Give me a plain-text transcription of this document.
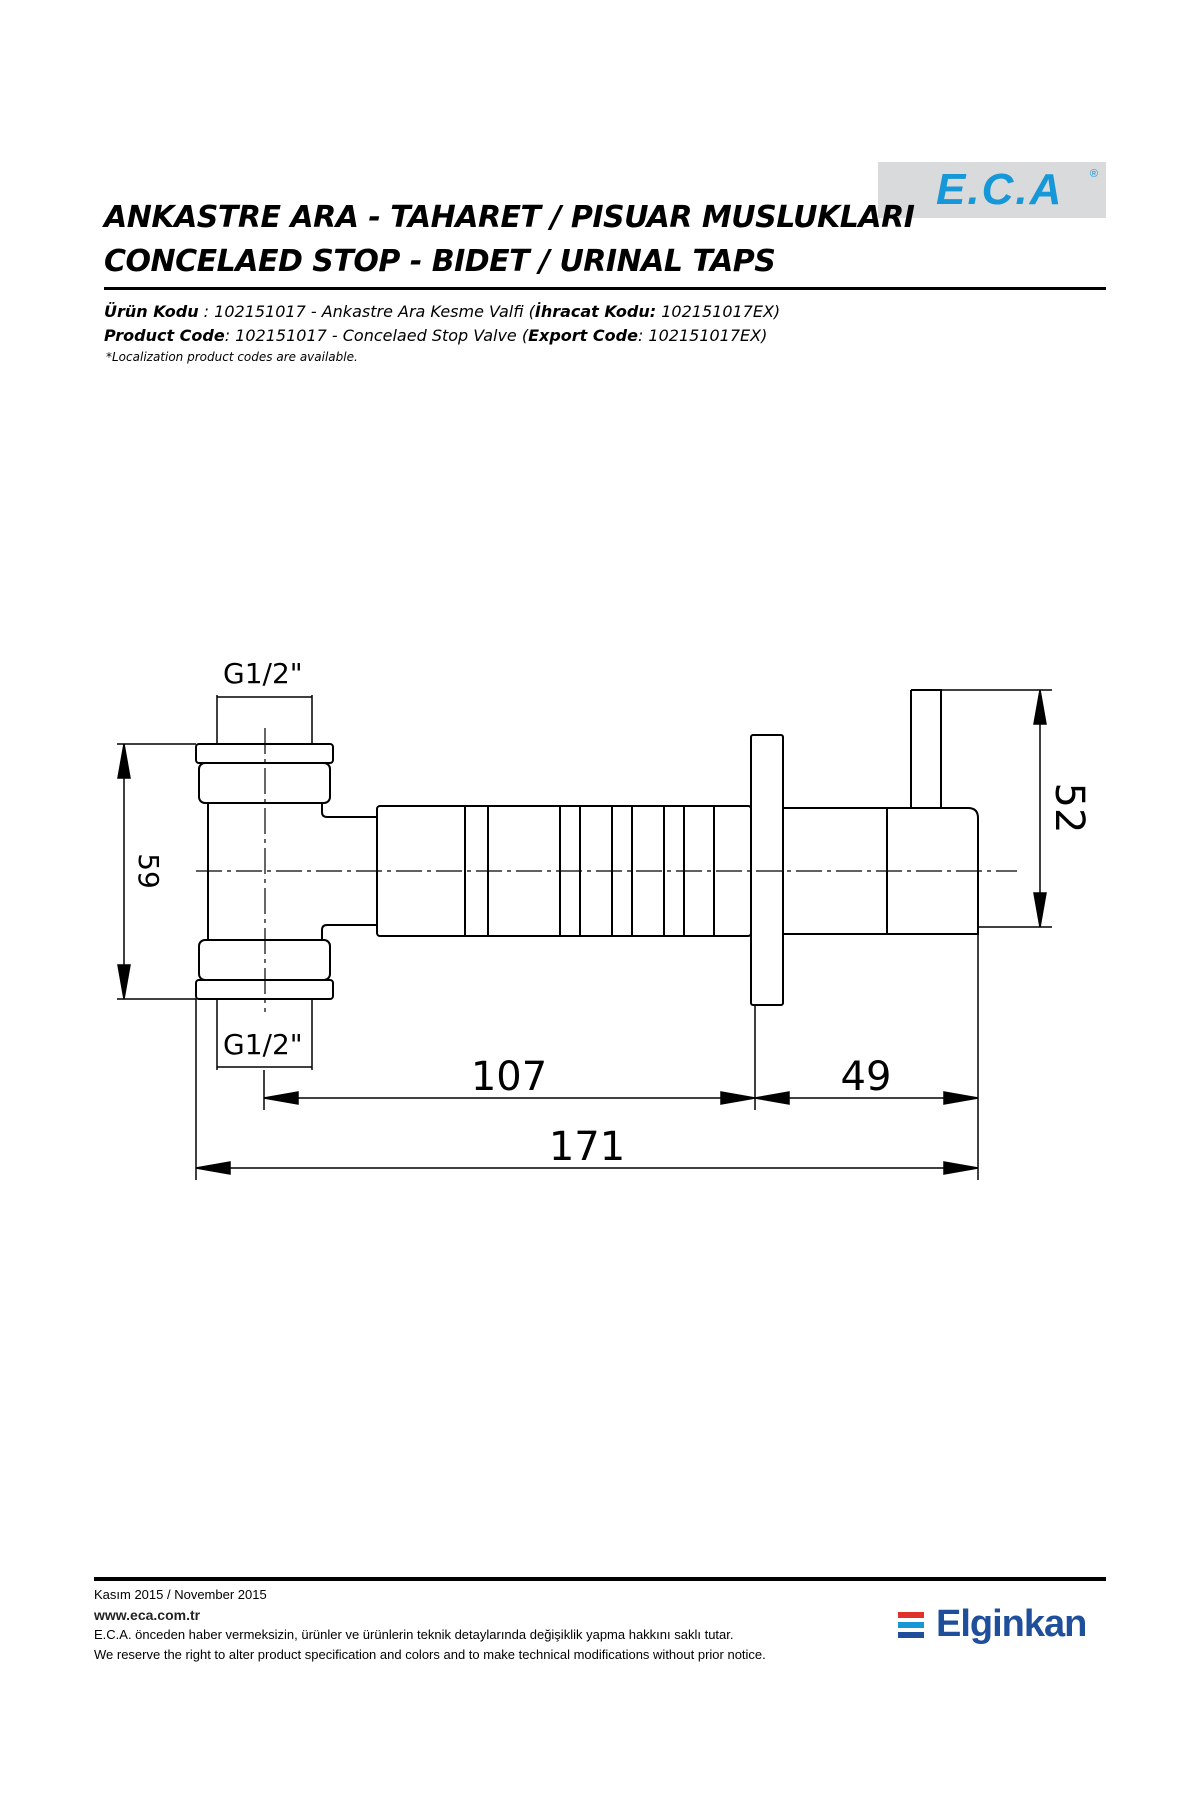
E.C.A ®
ANKASTRE ARA - TAHARET / PISUAR MUSLUKLARI
CONCELAED STOP - BIDET / URINAL TAPS
Ürün Kodu : 102151017 - Ankastre Ara Kesme Valfi (İhracat Kodu: 102151017EX)
Product Code: 102151017 - Concelaed Stop Valve (Export Code: 102151017EX)
*Localization product codes are available.
G1/2"
G1/2"
59
52
107	49
171
Kasım 2015 / November 2015
www.eca.com.tr
E.C.A. önceden haber vermeksizin, ürünler ve ürünlerin teknik detaylarında değişiklik yapma hakkını saklı tutar.
We reserve the right to alter product specification and colors and to make technical modifications without prior notice.
Elginkan
